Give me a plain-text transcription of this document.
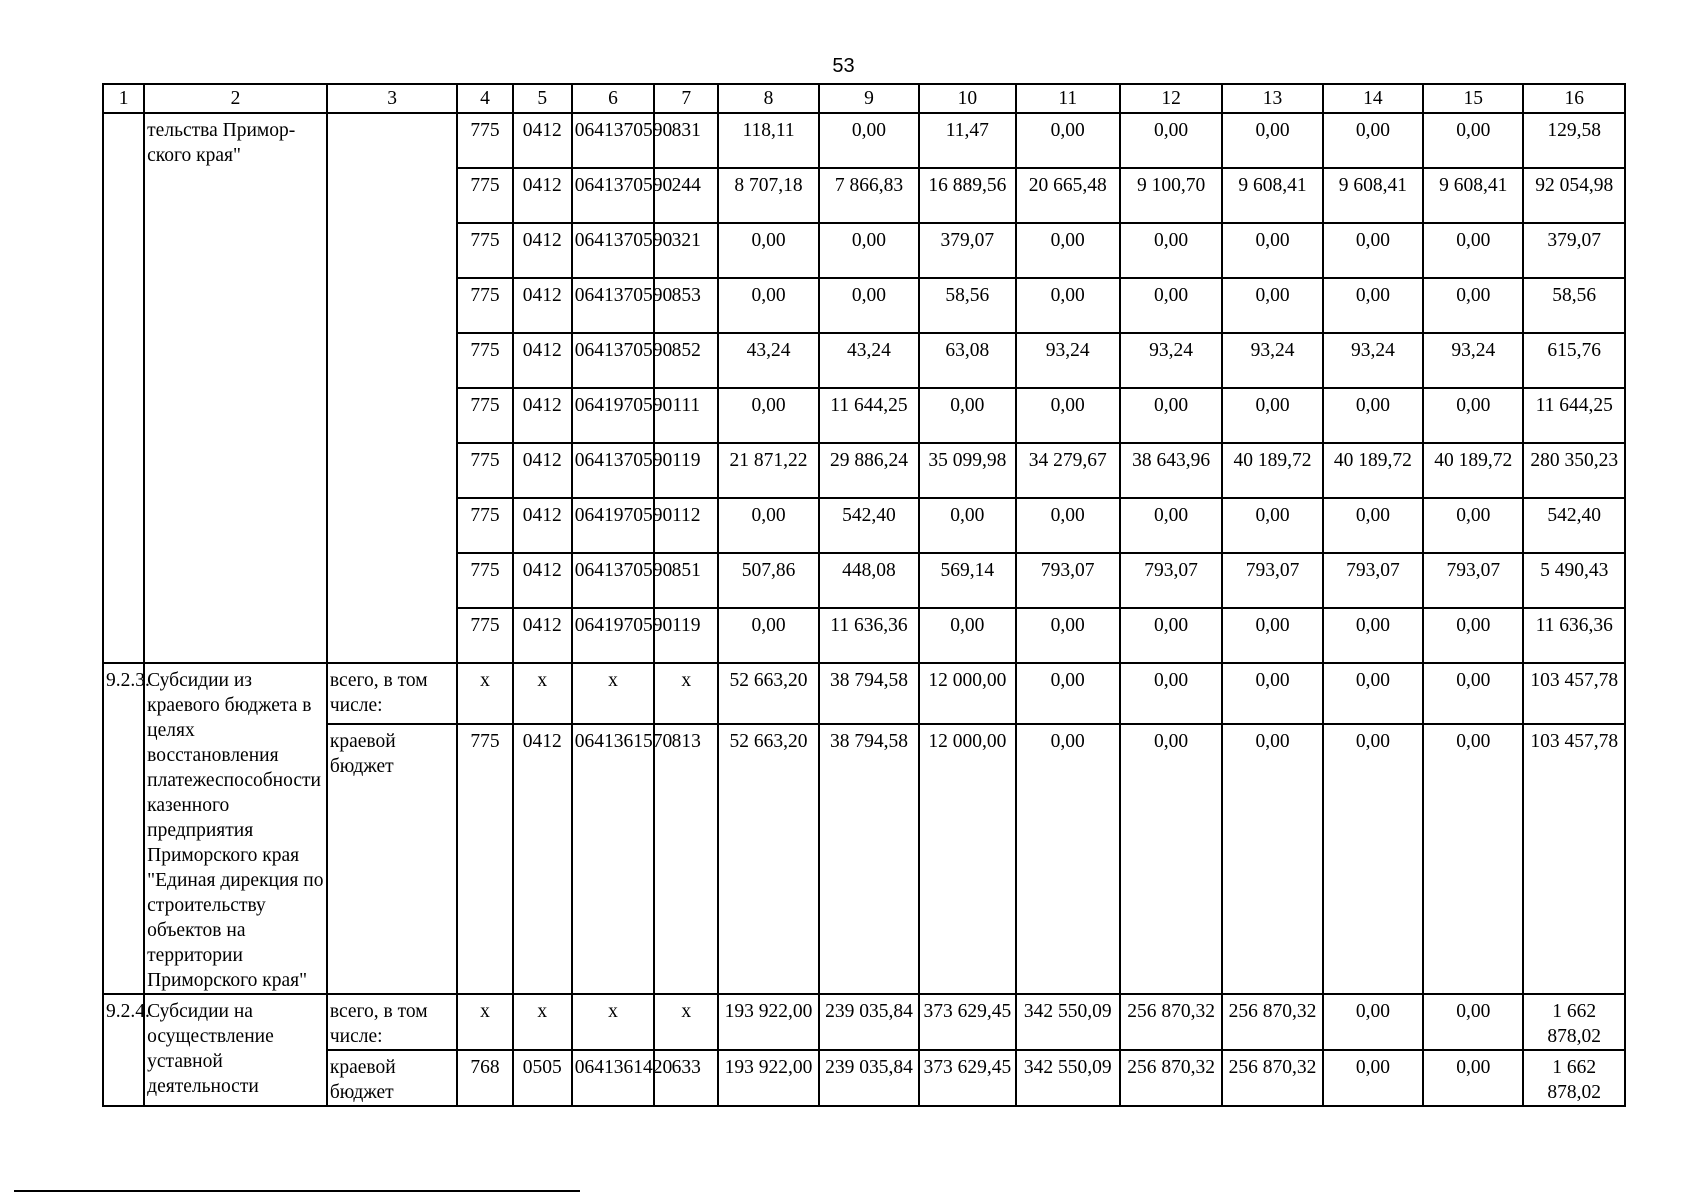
53
1	2	3	4	5	6	7	8	9	10	11	12	13	14	15	16
	тельства Примор-ского края"		775	0412	0641370590	831	118,11	0,00	11,47	0,00	0,00	0,00	0,00	0,00	129,58
			775	0412	0641370590	244	8 707,18	7 866,83	16 889,56	20 665,48	9 100,70	9 608,41	9 608,41	9 608,41	92 054,98
			775	0412	0641370590	321	0,00	0,00	379,07	0,00	0,00	0,00	0,00	0,00	379,07
			775	0412	0641370590	853	0,00	0,00	58,56	0,00	0,00	0,00	0,00	0,00	58,56
			775	0412	0641370590	852	43,24	43,24	63,08	93,24	93,24	93,24	93,24	93,24	615,76
			775	0412	0641970590	111	0,00	11 644,25	0,00	0,00	0,00	0,00	0,00	0,00	11 644,25
			775	0412	0641370590	119	21 871,22	29 886,24	35 099,98	34 279,67	38 643,96	40 189,72	40 189,72	40 189,72	280 350,23
			775	0412	0641970590	112	0,00	542,40	0,00	0,00	0,00	0,00	0,00	0,00	542,40
			775	0412	0641370590	851	507,86	448,08	569,14	793,07	793,07	793,07	793,07	793,07	5 490,43
			775	0412	0641970590	119	0,00	11 636,36	0,00	0,00	0,00	0,00	0,00	0,00	11 636,36
9.2.3.	Субсидии из краевого бюджета в целях восстановления платежеспособности казенного предприятия Приморского края "Единая дирекция по строительству объектов на территории Приморского края"	всего, в том числе:	x	x	x	x	52 663,20	38 794,58	12 000,00	0,00	0,00	0,00	0,00	0,00	103 457,78
		краевой бюджет	775	0412	0641361570	813	52 663,20	38 794,58	12 000,00	0,00	0,00	0,00	0,00	0,00	103 457,78
9.2.4.	Субсидии на осуществление уставной деятельности	всего, в том числе:	x	x	x	x	193 922,00	239 035,84	373 629,45	342 550,09	256 870,32	256 870,32	0,00	0,00	1 662 878,02
		краевой бюджет	768	0505	0641361420	633	193 922,00	239 035,84	373 629,45	342 550,09	256 870,32	256 870,32	0,00	0,00	1 662 878,02
